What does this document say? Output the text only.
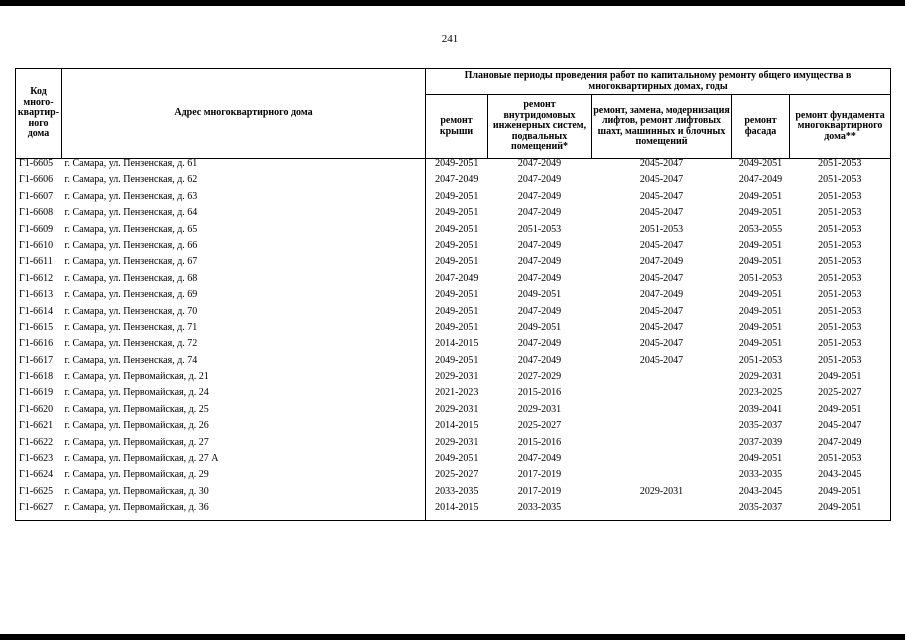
241
Код много-квартир-ного дома	Адрес многоквартирного дома	Плановые периоды проведения работ по капитальному ремонту общего имущества в многоквартирных домах, годы				
		ремонт крыши	ремонт внутридомовых инженерных систем, подвальных помещений*	ремонт, замена, модернизация лифтов, ремонт лифтовых шахт, машинных и блочных помещений	ремонт фасада	ремонт фундамента многоквартирного дома**
Г1-6605	г. Самара, ул. Пензенская, д. 61	2049-2051	2047-2049	2045-2047	2049-2051	2051-2053
Г1-6606	г. Самара, ул. Пензенская, д. 62	2047-2049	2047-2049	2045-2047	2047-2049	2051-2053
Г1-6607	г. Самара, ул. Пензенская, д. 63	2049-2051	2047-2049	2045-2047	2049-2051	2051-2053
Г1-6608	г. Самара, ул. Пензенская, д. 64	2049-2051	2047-2049	2045-2047	2049-2051	2051-2053
Г1-6609	г. Самара, ул. Пензенская, д. 65	2049-2051	2051-2053	2051-2053	2053-2055	2051-2053
Г1-6610	г. Самара, ул. Пензенская, д. 66	2049-2051	2047-2049	2045-2047	2049-2051	2051-2053
Г1-6611	г. Самара, ул. Пензенская, д. 67	2049-2051	2047-2049	2047-2049	2049-2051	2051-2053
Г1-6612	г. Самара, ул. Пензенская, д. 68	2047-2049	2047-2049	2045-2047	2051-2053	2051-2053
Г1-6613	г. Самара, ул. Пензенская, д. 69	2049-2051	2049-2051	2047-2049	2049-2051	2051-2053
Г1-6614	г. Самара, ул. Пензенская, д. 70	2049-2051	2047-2049	2045-2047	2049-2051	2051-2053
Г1-6615	г. Самара, ул. Пензенская, д. 71	2049-2051	2049-2051	2045-2047	2049-2051	2051-2053
Г1-6616	г. Самара, ул. Пензенская, д. 72	2014-2015	2047-2049	2045-2047	2049-2051	2051-2053
Г1-6617	г. Самара, ул. Пензенская, д. 74	2049-2051	2047-2049	2045-2047	2051-2053	2051-2053
Г1-6618	г. Самара, ул. Первомайская, д. 21	2029-2031	2027-2029		2029-2031	2049-2051
Г1-6619	г. Самара, ул. Первомайская, д. 24	2021-2023	2015-2016		2023-2025	2025-2027
Г1-6620	г. Самара, ул. Первомайская, д. 25	2029-2031	2029-2031		2039-2041	2049-2051
Г1-6621	г. Самара, ул. Первомайская, д. 26	2014-2015	2025-2027		2035-2037	2045-2047
Г1-6622	г. Самара, ул. Первомайская, д. 27	2029-2031	2015-2016		2037-2039	2047-2049
Г1-6623	г. Самара, ул. Первомайская, д. 27 А	2049-2051	2047-2049		2049-2051	2051-2053
Г1-6624	г. Самара, ул. Первомайская, д. 29	2025-2027	2017-2019		2033-2035	2043-2045
Г1-6625	г. Самара, ул. Первомайская, д. 30	2033-2035	2017-2019	2029-2031	2043-2045	2049-2051
Г1-6627	г. Самара, ул. Первомайская, д. 36	2014-2015	2033-2035		2035-2037	2049-2051
